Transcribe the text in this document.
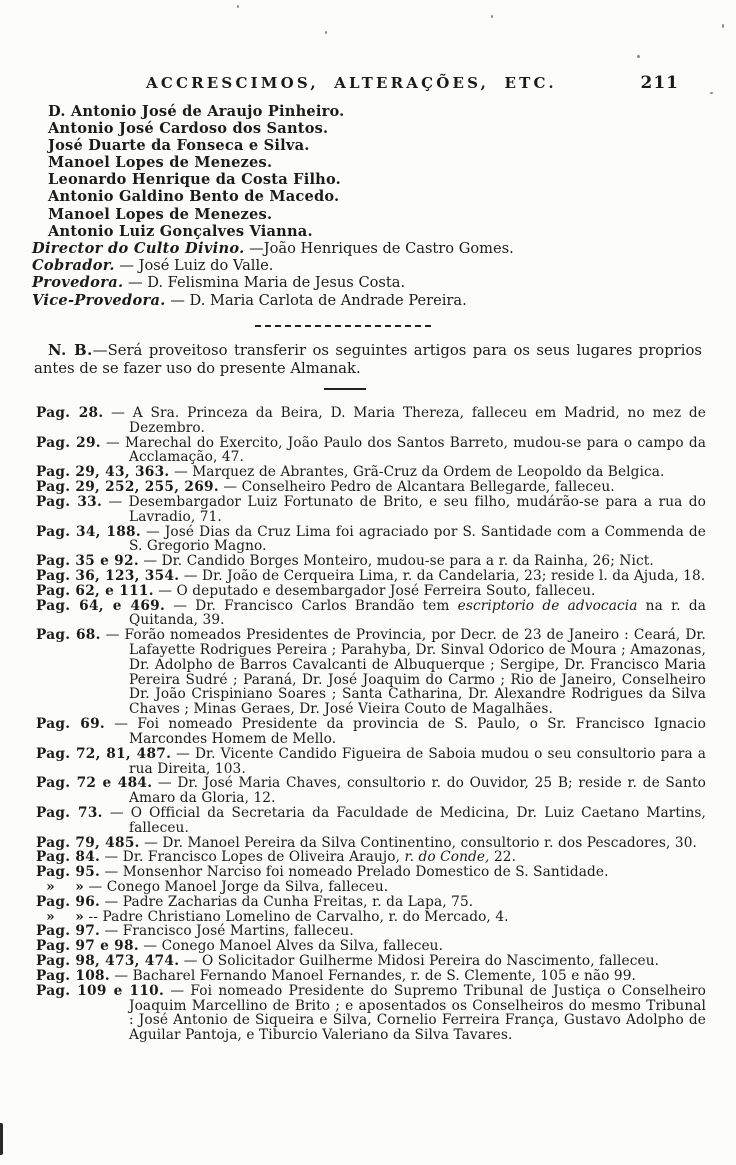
ACCRESCIMOS, ALTERAÇÕES, ETC.	211
D. Antonio José de Araujo Pinheiro.
Antonio José Cardoso dos Santos.
José Duarte da Fonseca e Silva.
Manoel Lopes de Menezes.
Leonardo Henrique da Costa Filho.
Antonio Galdino Bento de Macedo.
Manoel Lopes de Menezes.
Antonio Luiz Gonçalves Vianna.
Director do Culto Divino. —João Henriques de Castro Gomes.
Cobrador. — José Luiz do Valle.
Provedora. — D. Felismina Maria de Jesus Costa.
Vice-Provedora. — D. Maria Carlota de Andrade Pereira.

N. B.—Será proveitoso transferir os seguintes artigos para os seus lugares proprios antes de se fazer uso do presente Almanak.

Pag. 28. — A Sra. Princeza da Beira, D. Maria Thereza, falleceu em Madrid, no mez de Dezembro.
Pag. 29. — Marechal do Exercito, João Paulo dos Santos Barreto, mudou-se para o campo da Acclamação, 47.
Pag. 29, 43, 363. — Marquez de Abrantes, Grã-Cruz da Ordem de Leopoldo da Belgica.
Pag. 29, 252, 255, 269. — Conselheiro Pedro de Alcantara Bellegarde, falleceu.
Pag. 33. — Desembargador Luiz Fortunato de Brito, e seu filho, mudárão-se para a rua do Lavradio, 71.
Pag. 34, 188. — José Dias da Cruz Lima foi agraciado por S. Santidade com a Commenda de S. Gregorio Magno.
Pag. 35 e 92. — Dr. Candido Borges Monteiro, mudou-se para a r. da Rainha, 26; Nict.
Pag. 36, 123, 354. — Dr. João de Cerqueira Lima, r. da Candelaria, 23; reside l. da Ajuda, 18.
Pag. 62, e 111. — O deputado e desembargador José Ferreira Souto, falleceu.
Pag. 64, e 469. — Dr. Francisco Carlos Brandão tem escriptorio de advocacia na r. da Quitanda, 39.
Pag. 68. — Forão nomeados Presidentes de Provincia, por Decr. de 23 de Janeiro : Ceará, Dr. Lafayette Rodrigues Pereira ; Parahyba, Dr. Sinval Odorico de Moura ; Amazonas, Dr. Adolpho de Barros Cavalcanti de Albuquerque ; Sergipe, Dr. Francisco Maria Pereira Sudré ; Paraná, Dr. José Joaquim do Carmo ; Rio de Janeiro, Conselheiro Dr. João Crispiniano Soares ; Santa Catharina, Dr. Alexandre Rodrigues da Silva Chaves ; Minas Geraes, Dr. José Vieira Couto de Magalhães.
Pag. 69. — Foi nomeado Presidente da provincia de S. Paulo, o Sr. Francisco Ignacio Marcondes Homem de Mello.
Pag. 72, 81, 487. — Dr. Vicente Candido Figueira de Saboia mudou o seu consultorio para a rua Direita, 103.
Pag. 72 e 484. — Dr. José Maria Chaves, consultorio r. do Ouvidor, 25 B; reside r. de Santo Amaro da Gloria, 12.
Pag. 73. — O Official da Secretaria da Faculdade de Medicina, Dr. Luiz Caetano Martins, falleceu.
Pag. 79, 485. — Dr. Manoel Pereira da Silva Continentino, consultorio r. dos Pescadores, 30.
Pag. 84. — Dr. Francisco Lopes de Oliveira Araujo, r. do Conde, 22.
Pag. 95. — Monsenhor Narciso foi nomeado Prelado Domestico de S. Santidade.
»    » — Conego Manoel Jorge da Silva, falleceu.
Pag. 96. — Padre Zacharias da Cunha Freitas, r. da Lapa, 75.
»    » -- Padre Christiano Lomelino de Carvalho, r. do Mercado, 4.
Pag. 97. — Francisco José Martins, falleceu.
Pag. 97 e 98. — Conego Manoel Alves da Silva, falleceu.
Pag. 98, 473, 474. — O Solicitador Guilherme Midosi Pereira do Nascimento, falleceu.
Pag. 108. — Bacharel Fernando Manoel Fernandes, r. de S. Clemente, 105 e não 99.
Pag. 109 e 110. — Foi nomeado Presidente do Supremo Tribunal de Justiça o Conselheiro Joaquim Marcellino de Brito ; e aposentados os Conselheiros do mesmo Tribunal : José Antonio de Siqueira e Silva, Cornelio Ferreira França, Gustavo Adolpho de Aguilar Pantoja, e Tiburcio Valeriano da Silva Tavares.
